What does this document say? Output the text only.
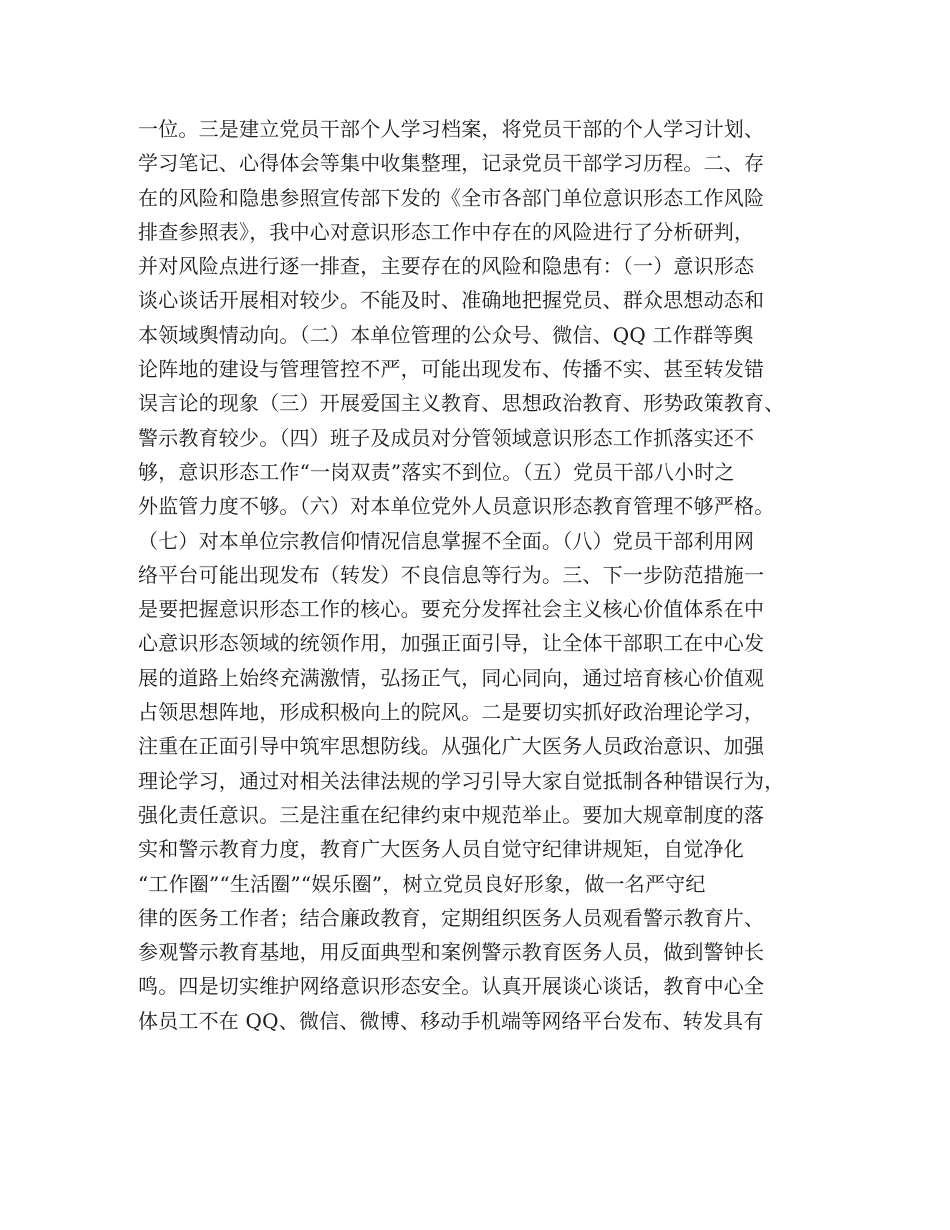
一位。三是建立党员干部个人学习档案，将党员干部的个人学习计划、
学习笔记、心得体会等集中收集整理，记录党员干部学习历程。二、存
在的风险和隐患参照宣传部下发的《全市各部门单位意识形态工作风险
排查参照表》，我中心对意识形态工作中存在的风险进行了分析研判，
并对风险点进行逐一排查，主要存在的风险和隐患有：（一）意识形态
谈心谈话开展相对较少。不能及时、准确地把握党员、群众思想动态和
本领域舆情动向。（二）本单位管理的公众号、微信、QQ 工作群等舆
论阵地的建设与管理管控不严，可能出现发布、传播不实、甚至转发错
误言论的现象（三）开展爱国主义教育、思想政治教育、形势政策教育、
警示教育较少。（四）班子及成员对分管领域意识形态工作抓落实还不
够，意识形态工作“一岗双责”落实不到位。（五）党员干部八小时之
外监管力度不够。（六）对本单位党外人员意识形态教育管理不够严格。
（七）对本单位宗教信仰情况信息掌握不全面。（八）党员干部利用网
络平台可能出现发布（转发）不良信息等行为。三、下一步防范措施一
是要把握意识形态工作的核心。要充分发挥社会主义核心价值体系在中
心意识形态领域的统领作用，加强正面引导，让全体干部职工在中心发
展的道路上始终充满激情，弘扬正气，同心同向，通过培育核心价值观
占领思想阵地，形成积极向上的院风。二是要切实抓好政治理论学习，
注重在正面引导中筑牢思想防线。从强化广大医务人员政治意识、加强
理论学习，通过对相关法律法规的学习引导大家自觉抵制各种错误行为，
强化责任意识。三是注重在纪律约束中规范举止。要加大规章制度的落
实和警示教育力度，教育广大医务人员自觉守纪律讲规矩，自觉净化
“工作圈”“生活圈”“娱乐圈”，树立党员良好形象，做一名严守纪
律的医务工作者；结合廉政教育，定期组织医务人员观看警示教育片、
参观警示教育基地，用反面典型和案例警示教育医务人员，做到警钟长
鸣。四是切实维护网络意识形态安全。认真开展谈心谈话，教育中心全
体员工不在 QQ、微信、微博、移动手机端等网络平台发布、转发具有
